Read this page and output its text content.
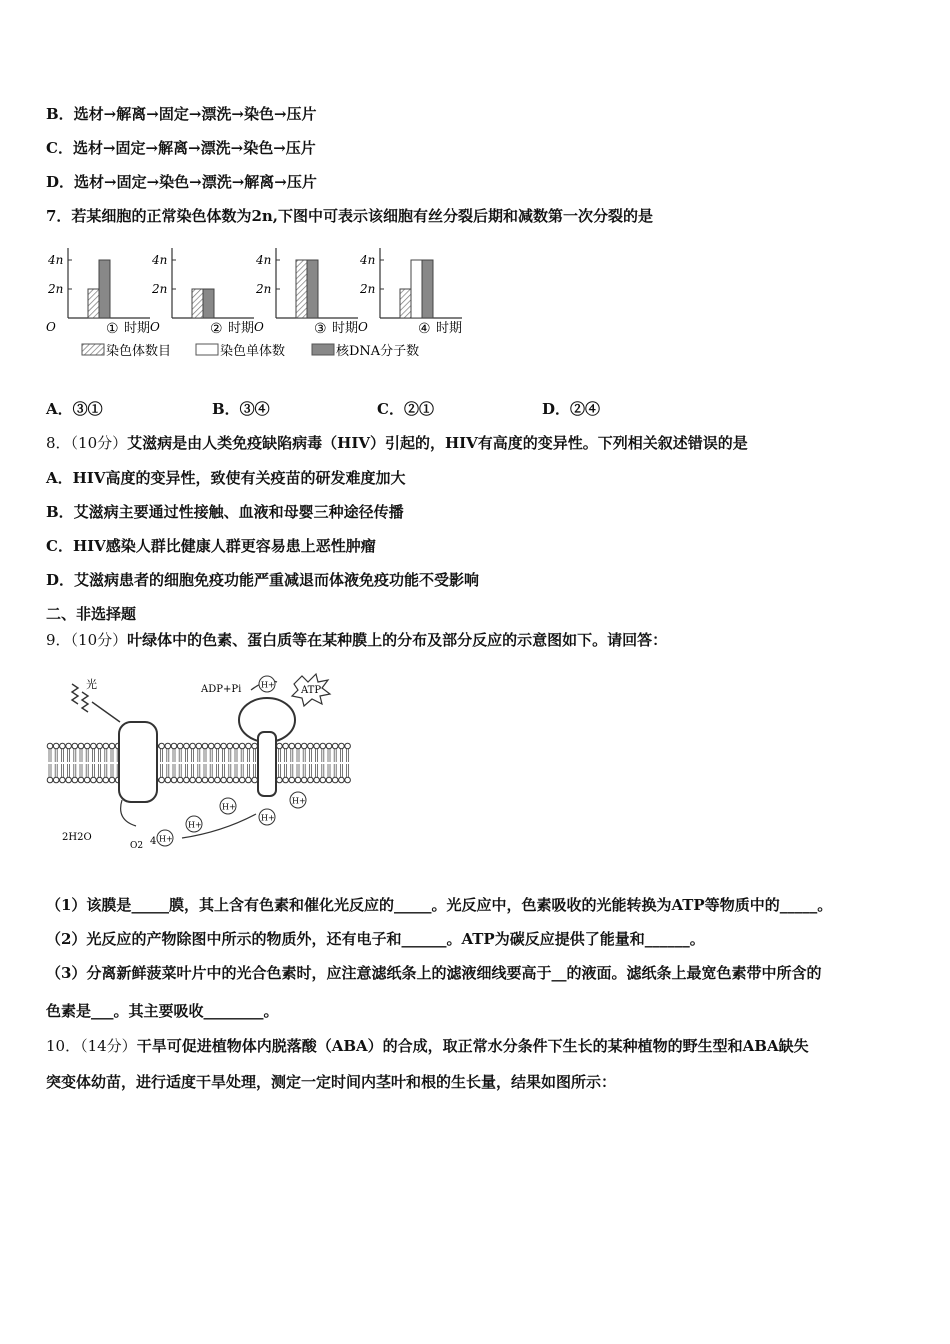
B．选材→解离→固定→漂洗→染色→压片
C．选材→固定→解离→漂洗→染色→压片
D．选材→固定→染色→漂洗→解离→压片
7．若某细胞的正常染色体数为2n,下图中可表示该细胞有丝分裂后期和减数第一次分裂的是
4n
2n
O	① 时期
4n
2n
O	② 时期
4n
2n
O	③ 时期
4n
2n
O	④ 时期
染色体数目	染色单体数	核DNA分子数
A．③①	B．③④	C．②①	D．②④
8．（10分）艾滋病是由人类免疫缺陷病毒（HIV）引起的，HIV有高度的变异性。下列相关叙述错误的是
A．HIV高度的变异性，致使有关疫苗的研发难度加大
B．艾滋病主要通过性接触、血液和母婴三种途径传播
C．HIV感染人群比健康人群更容易患上恶性肿瘤
D．艾滋病患者的细胞免疫功能严重减退而体液免疫功能不受影响
二、非选择题
9．（10分）叶绿体中的色素、蛋白质等在某种膜上的分布及部分反应的示意图如下。请回答：
光	ADP+Pi	ATP
H+
H+
H+
H+
H+
H+
2H2O
O2 4
（1）该膜是_____膜，其上含有色素和催化光反应的_____。光反应中，色素吸收的光能转换为ATP等物质中的_____。
（2）光反应的产物除图中所示的物质外，还有电子和______。ATP为碳反应提供了能量和______。
（3）分离新鲜菠菜叶片中的光合色素时，应注意滤纸条上的滤液细线要高于__的液面。滤纸条上最宽色素带中所含的
色素是___。其主要吸收________。
10．（14分）干旱可促进植物体内脱落酸（ABA）的合成，取正常水分条件下生长的某种植物的野生型和ABA缺失
突变体幼苗，进行适度干旱处理，测定一定时间内茎叶和根的生长量，结果如图所示：
